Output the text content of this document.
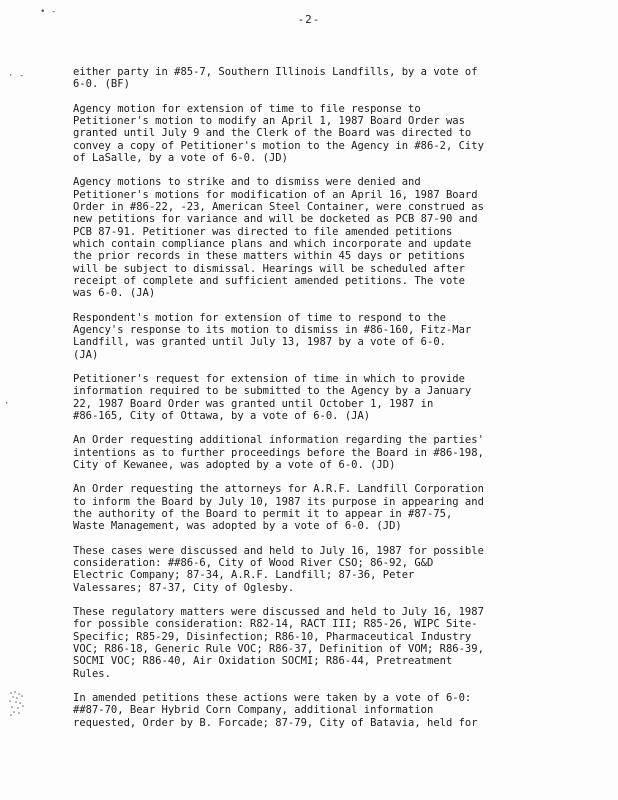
• -
· -
·
-2-

either party in #85-7, Southern Illinois Landfills, by a vote of
6-0. (BF)

Agency motion for extension of time to file response to
Petitioner's motion to modify an April 1, 1987 Board Order was
granted until July 9 and the Clerk of the Board was directed to
convey a copy of Petitioner's motion to the Agency in #86-2, City
of LaSalle, by a vote of 6-0. (JD)

Agency motions to strike and to dismiss were denied and
Petitioner's motions for modification of an April 16, 1987 Board
Order in #86-22, -23, American Steel Container, were construed as
new petitions for variance and will be docketed as PCB 87-90 and
PCB 87-91. Petitioner was directed to file amended petitions
which contain compliance plans and which incorporate and update
the prior records in these matters within 45 days or petitions
will be subject to dismissal. Hearings will be scheduled after
receipt of complete and sufficient amended petitions. The vote
was 6-0. (JA)

Respondent's motion for extension of time to respond to the
Agency's response to its motion to dismiss in #86-160, Fitz-Mar
Landfill, was granted until July 13, 1987 by a vote of 6-0.
(JA)

Petitioner's request for extension of time in which to provide
information required to be submitted to the Agency by a January
22, 1987 Board Order was granted until October 1, 1987 in
#86-165, City of Ottawa, by a vote of 6-0. (JA)

An Order requesting additional information regarding the parties'
intentions as to further proceedings before the Board in #86-198,
City of Kewanee, was adopted by a vote of 6-0. (JD)

An Order requesting the attorneys for A.R.F. Landfill Corporation
to inform the Board by July 10, 1987 its purpose in appearing and
the authority of the Board to permit it to appear in #87-75,
Waste Management, was adopted by a vote of 6-0. (JD)

These cases were discussed and held to July 16, 1987 for possible
consideration: ##86-6, City of Wood River CSO; 86-92, G&D
Electric Company; 87-34, A.R.F. Landfill; 87-36, Peter
Valessares; 87-37, City of Oglesby.

These regulatory matters were discussed and held to July 16, 1987
for possible consideration: R82-14, RACT III; R85-26, WIPC Site-
Specific; R85-29, Disinfection; R86-10, Pharmaceutical Industry
VOC; R86-18, Generic Rule VOC; R86-37, Definition of VOM; R86-39,
SOCMI VOC; R86-40, Air Oxidation SOCMI; R86-44, Pretreatment
Rules.

In amended petitions these actions were taken by a vote of 6-0:
##87-70, Bear Hybrid Corn Company, additional information
requested, Order by B. Forcade; 87-79, City of Batavia, held for
